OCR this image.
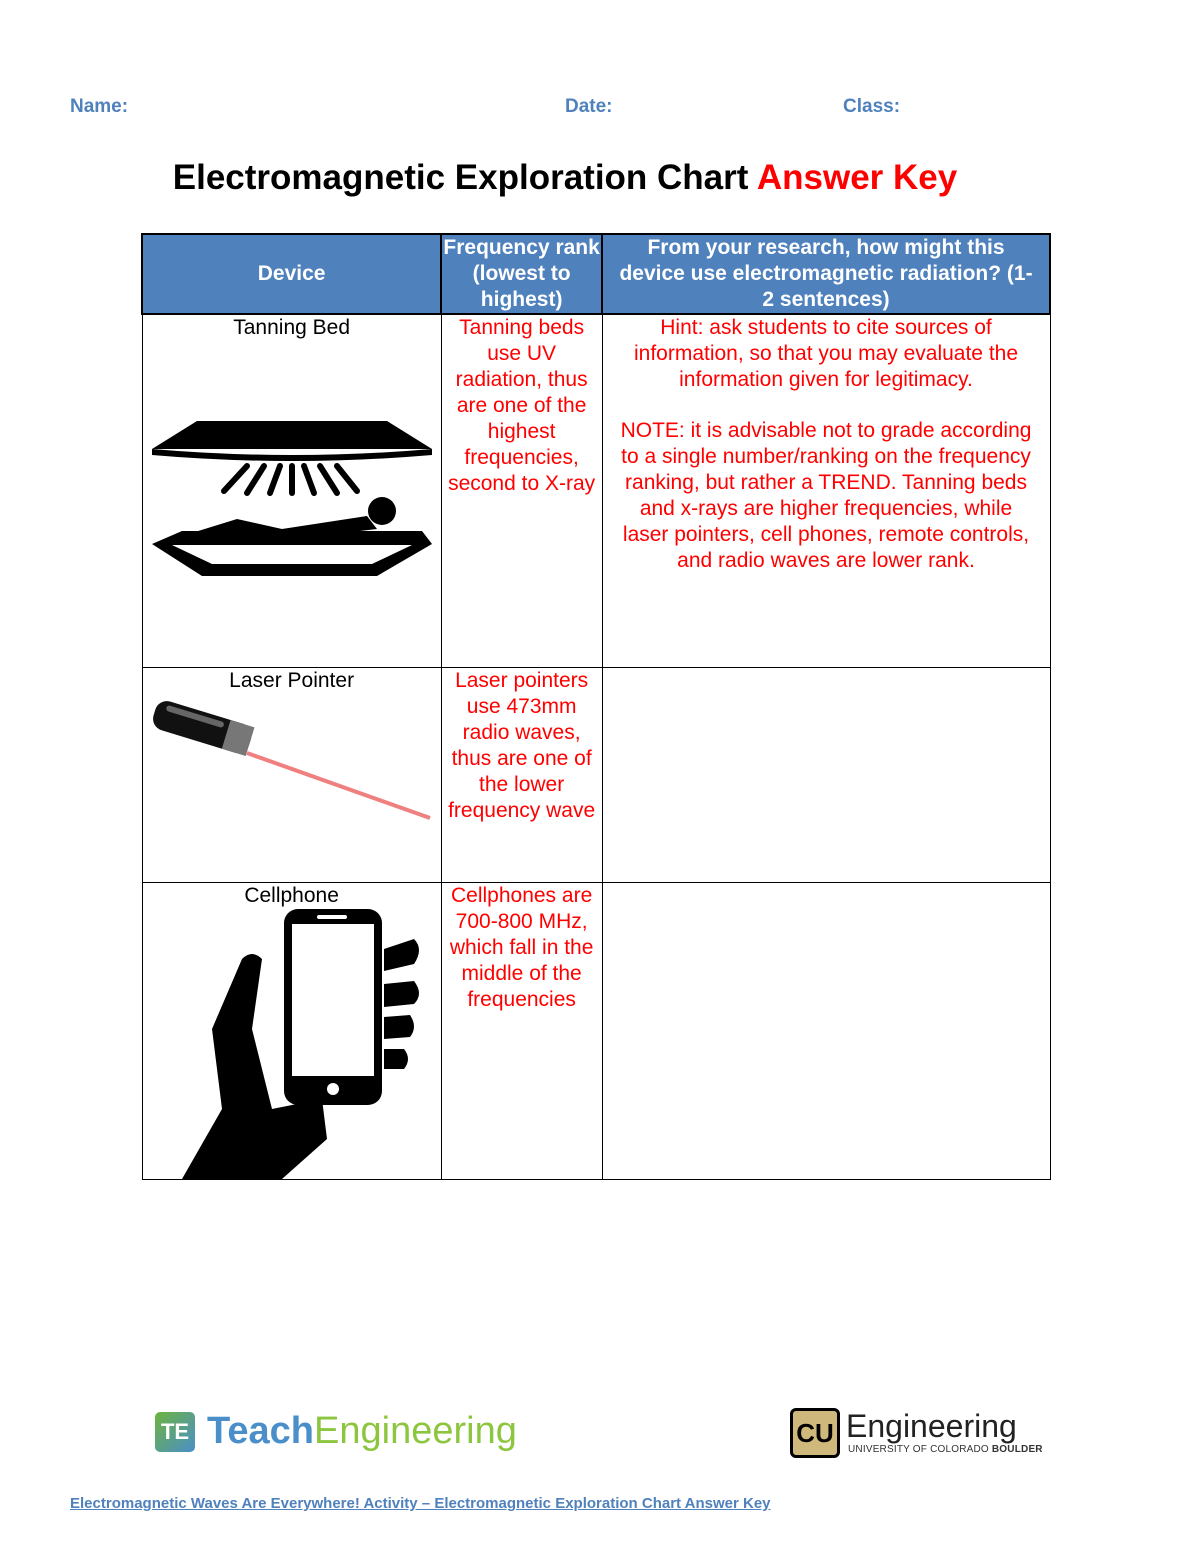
Name:	Date:	Class:
Electromagnetic Exploration Chart Answer Key
Device	Frequency rank (lowest to highest)	From your research, how might this device use electromagnetic radiation? (1-2 sentences)

Tanning Bed	Tanning beds use UV radiation, thus are one of the highest frequencies, second to X-ray	Hint: ask students to cite sources of information, so that you may evaluate the information given for legitimacy.
NOTE: it is advisable not to grade according to a single number/ranking on the frequency ranking, but rather a TREND. Tanning beds and x-rays are higher frequencies, while laser pointers, cell phones, remote controls, and radio waves are lower rank.

Laser Pointer	Laser pointers use 473mm radio waves, thus are one of the lower frequency wave	

Cellphone	Cellphones are 700-800 MHz, which fall in the middle of the frequencies	
TE Teach Engineering	CU Engineering
UNIVERSITY OF COLORADO BOULDER
Electromagnetic Waves Are Everywhere! Activity – Electromagnetic Exploration Chart Answer Key
